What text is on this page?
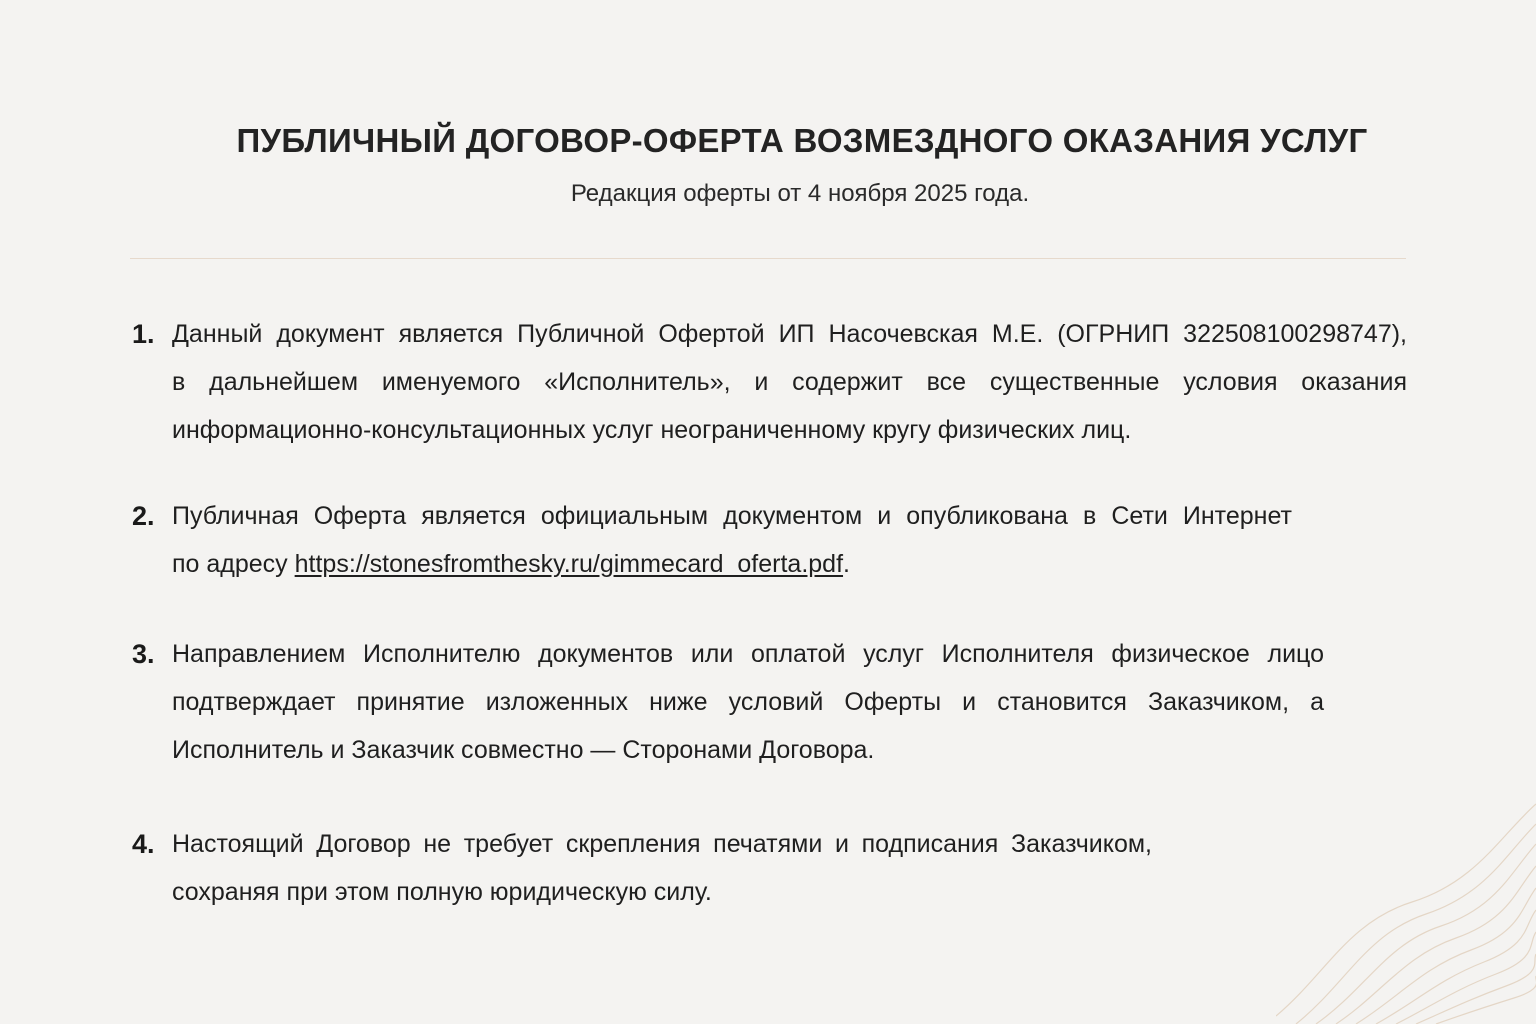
ПУБЛИЧНЫЙ ДОГОВОР-ОФЕРТА ВОЗМЕЗДНОГО ОКАЗАНИЯ УСЛУГ
Редакция оферты от 4 ноября 2025 года.
1. Данный документ является Публичной Офертой ИП Насочевская М.Е. (ОГРНИП 322508100298747),
в дальнейшем именуемого «Исполнитель», и содержит все существенные условия оказания
информационно-консультационных услуг неограниченному кругу физических лиц.
2. Публичная Оферта является официальным документом и опубликована в Сети Интернет
по адресу https://stonesfromthesky.ru/gimmecard_oferta.pdf.
3. Направлением Исполнителю документов или оплатой услуг Исполнителя физическое лицо
подтверждает принятие изложенных ниже условий Оферты и становится Заказчиком, а
Исполнитель и Заказчик совместно — Сторонами Договора.
4. Настоящий Договор не требует скрепления печатями и подписания Заказчиком,
сохраняя при этом полную юридическую силу.
